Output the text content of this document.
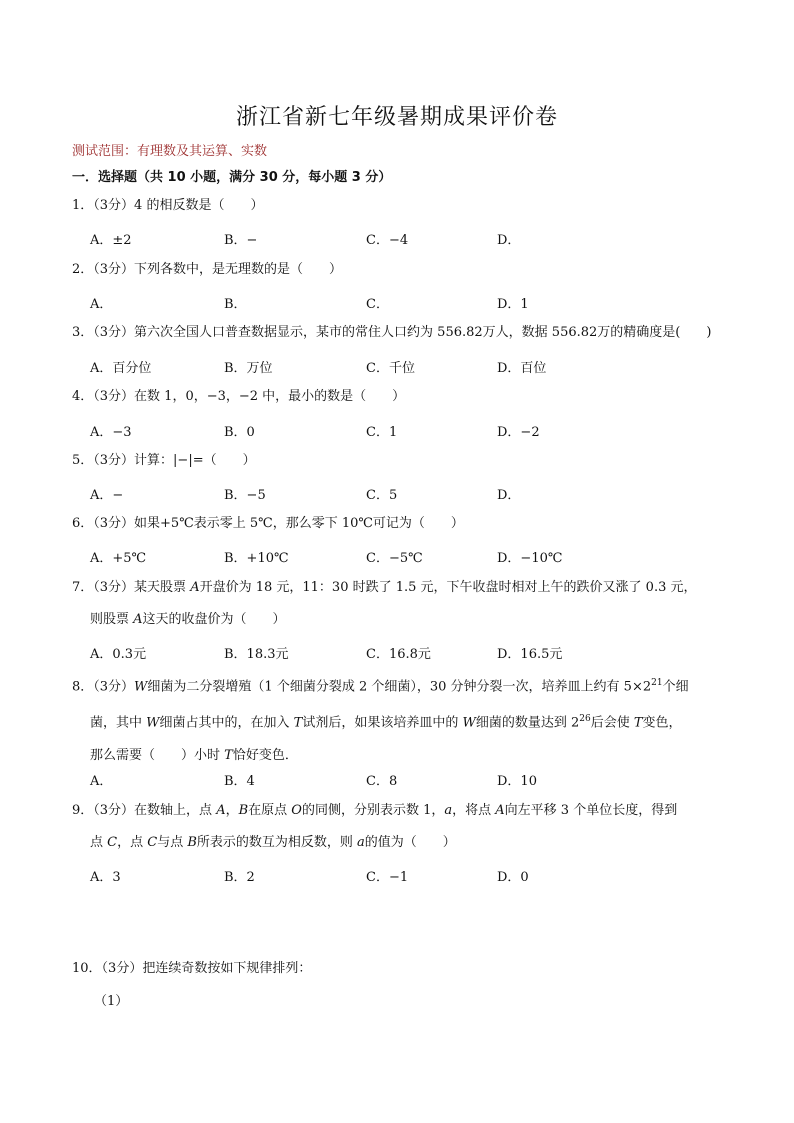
浙江省新七年级暑期成果评价卷
测试范围：有理数及其运算、实数
一．选择题（共 10 小题，满分 30 分，每小题 3 分）
1．（3分）4 的相反数是（　　）
A．±2	B．−	C．−4	D．
2．（3分）下列各数中，是无理数的是（　　）
A．	B．	C．	D．1
3．（3分）第六次全国人口普查数据显示，某市的常住人口约为 556.82万人，数据 556.82万的精确度是(　　)
A．百分位	B．万位	C．千位	D．百位
4．（3分）在数 1，0，−3，−2 中，最小的数是（　　）
A．−3	B．0	C．1	D．−2
5．（3分）计算：|−|=（　　）
A．−	B．−5	C．5	D．
6．（3分）如果+5℃表示零上 5℃，那么零下 10℃可记为（　　）
A．+5℃	B．+10℃	C．−5℃	D．−10℃
7．（3分）某天股票 A开盘价为 18 元，11：30 时跌了 1.5 元，下午收盘时相对上午的跌价又涨了 0.3 元，
则股票 A这天的收盘价为（　　）
A．0.3元	B．18.3元	C．16.8元	D．16.5元
8．（3分）W细菌为二分裂增殖（1 个细菌分裂成 2 个细菌），30 分钟分裂一次，培养皿上约有 $5\times 2^{21}$个细
菌，其中 W细菌占其中的，在加入 T试剂后，如果该培养皿中的 W细菌的数量达到 $2^{26}$后会使 T变色，
那么需要（　　）小时 T恰好变色．
A．	B．4	C．8	D．10
9．（3分）在数轴上，点 A，B在原点 O的同侧，分别表示数 1，a，将点 A向左平移 3 个单位长度，得到
点 C，点 C与点 B所表示的数互为相反数，则 a的值为（　　）
A．3	B．2	C．−1	D．0
10．（3分）把连续奇数按如下规律排列：
（1）
